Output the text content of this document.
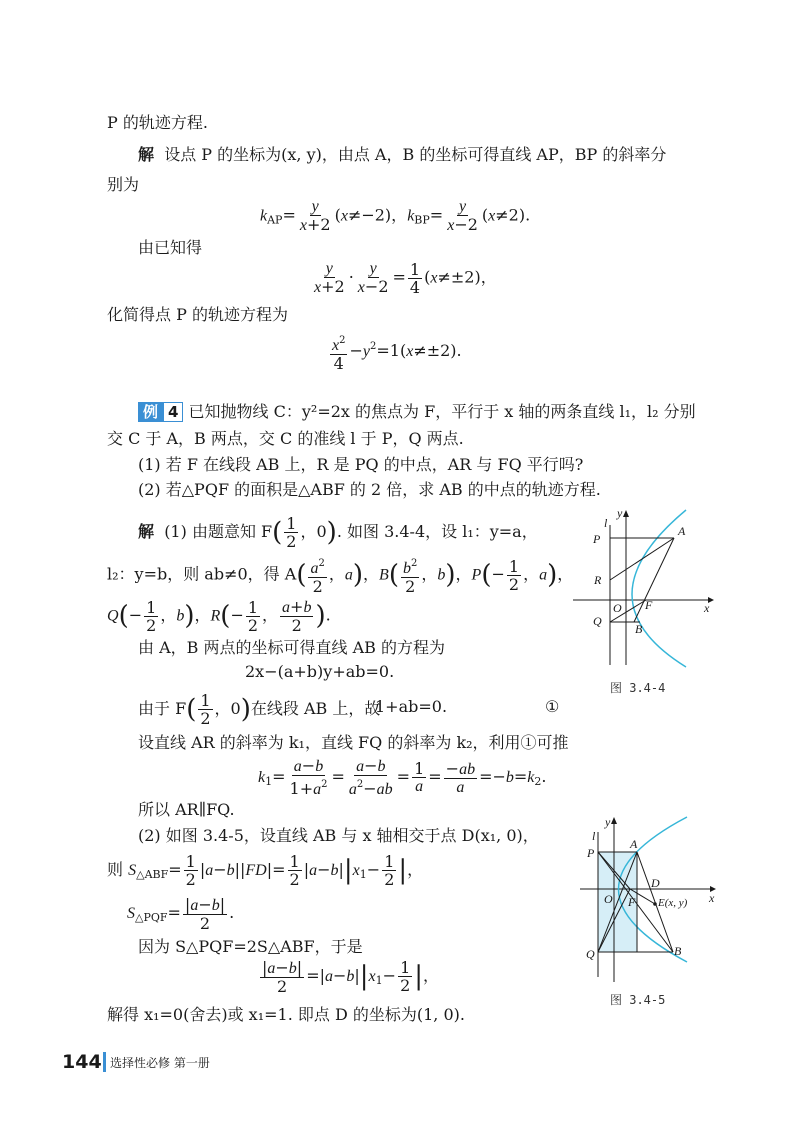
P 的轨迹方程.
解 设点 P 的坐标为(x, y)，由点 A，B 的坐标可得直线 AP，BP 的斜率分
别为
$k_{AP}= \frac{y}{x+2} (x\ne-2)$，$k_{BP}= \frac{y}{x-2} (x\ne 2)$.
由已知得
$\frac{y}{x+2} \cdot \frac{y}{x-2} = \frac{1}{4} (x\ne\pm 2)$，
化简得点 P 的轨迹方程为
$\frac{x^2}{4} -y^2=1(x\ne\pm 2)$.
例 4 已知抛物线 C：y²=2x 的焦点为 F，平行于 x 轴的两条直线 l₁，l₂ 分别
交 C 于 A，B 两点，交 C 的准线 l 于 P，Q 两点.
(1) 若 F 在线段 AB 上，R 是 PQ 的中点，AR 与 FQ 平行吗?
(2) 若△PQF 的面积是△ABF 的 2 倍，求 AB 的中点的轨迹方程.
解 (1) 由题意知 $F( \frac{1}{2}$ ，0). 如图 3.4-4，设 l₁：y=a，
l₂：y=b，则 ab≠0，得 $A( \frac{a^2}{2}$ ，a)，$B( \frac{b^2}{2}$ ，b)，$P(- \frac{1}{2}$ ，a)，
$Q(- \frac{1}{2}$ ，b)，$R(- \frac{1}{2}$ ， $\frac{a+b}{2}$ ).
由 A，B 两点的坐标可得直线 AB 的方程为
2x−(a+b)y+ab=0.
由于 $F( \frac{1}{2}$ ，0)在线段 AB 上，故
1+ab=0.	①
设直线 AR 的斜率为 k₁，直线 FQ 的斜率为 k₂，利用①可推
$k_1= \frac{a-b}{1+a^2} = \frac{a-b}{a^2-ab} = \frac{1}{a} = \frac{-ab}{a} =-b=k_2$.
所以 AR∥FQ.
(2) 如图 3.4-5，设直线 AB 与 x 轴相交于点 D(x₁, 0)，
则 $S_{\triangle ABF}= \frac{1}{2} |a-b||FD|= \frac{1}{2} |a-b||x_1- \frac{1}{2}$ |，
$S_{\triangle PQF}= \frac{|a-b|}{2}$ .
因为 S△PQF=2S△ABF，于是
$\frac{|a-b|}{2} =|a-b||x_1- \frac{1}{2}$ |，
解得 x₁=0(舍去)或 x₁=1. 即点 D 的坐标为(1, 0).
l
y
P
A
R
O F	x
Q
B
图 3.4-4
l
y
P
A
D
O F E(x, y) x
Q	B
图 3.4-5
144 选择性必修 第一册
